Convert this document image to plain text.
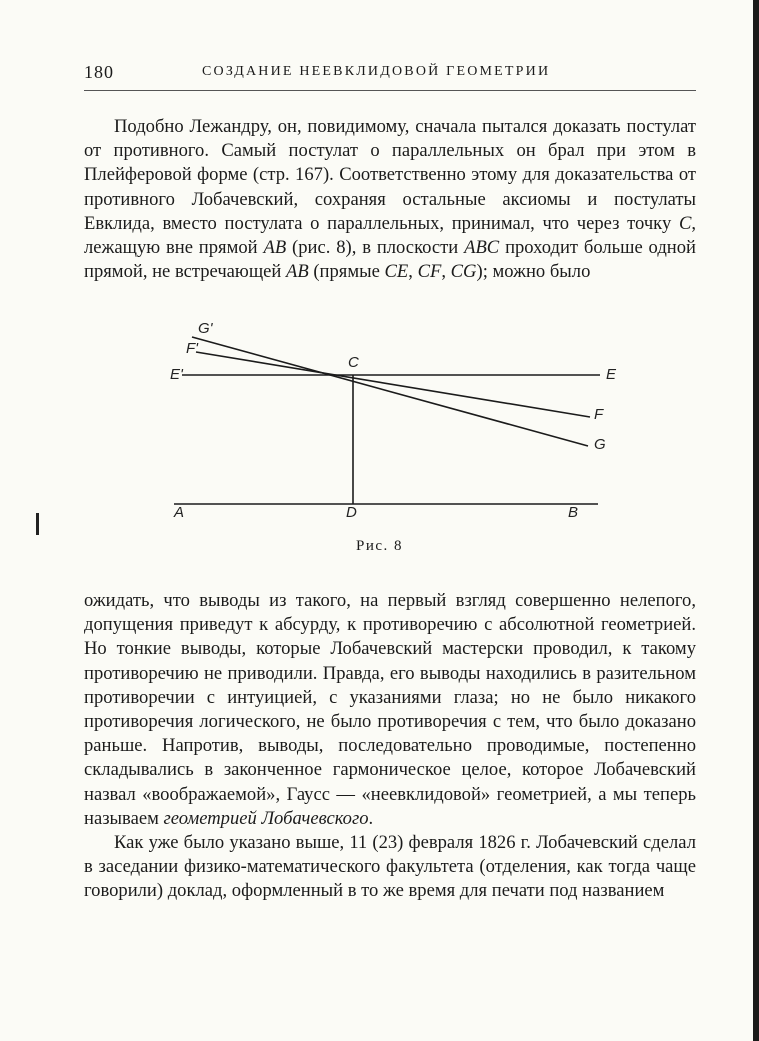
180	СОЗДАНИЕ НЕЕВКЛИДОВОЙ ГЕОМЕТРИИ

Подобно Лежандру, он, повидимому, сначала пытался доказать постулат от противного. Самый постулат о параллельных он брал при этом в Плейферовой форме (стр. 167). Соответственно этому для доказательства от противного Лобачевский, сохраняя остальные аксиомы и постулаты Евклида, вместо постулата о параллельных, принимал, что через точку C, лежащую вне прямой AB (рис. 8), в плоскости ABC проходит больше одной прямой, не встречающей AB (прямые CE, CF, CG); можно было

G'
F'
E'
C
E
F
G
A	D	B
Рис. 8

ожидать, что выводы из такого, на первый взгляд совершенно нелепого, допущения приведут к абсурду, к противоречию с абсолютной геометрией. Но тонкие выводы, которые Лобачевский мастерски проводил, к такому противоречию не приводили. Правда, его выводы находились в разительном противоречии с интуицией, с указаниями глаза; но не было никакого противоречия логического, не было противоречия с тем, что было доказано раньше. Напротив, выводы, последовательно проводимые, постепенно складывались в законченное гармоническое целое, которое Лобачевский назвал «воображаемой», Гаусс — «неевклидовой» геометрией, а мы теперь называем геометрией Лобачевского.

Как уже было указано выше, 11 (23) февраля 1826 г. Лобачевский сделал в заседании физико-математического факультета (отделения, как тогда чаще говорили) доклад, оформленный в то же время для печати под названием
